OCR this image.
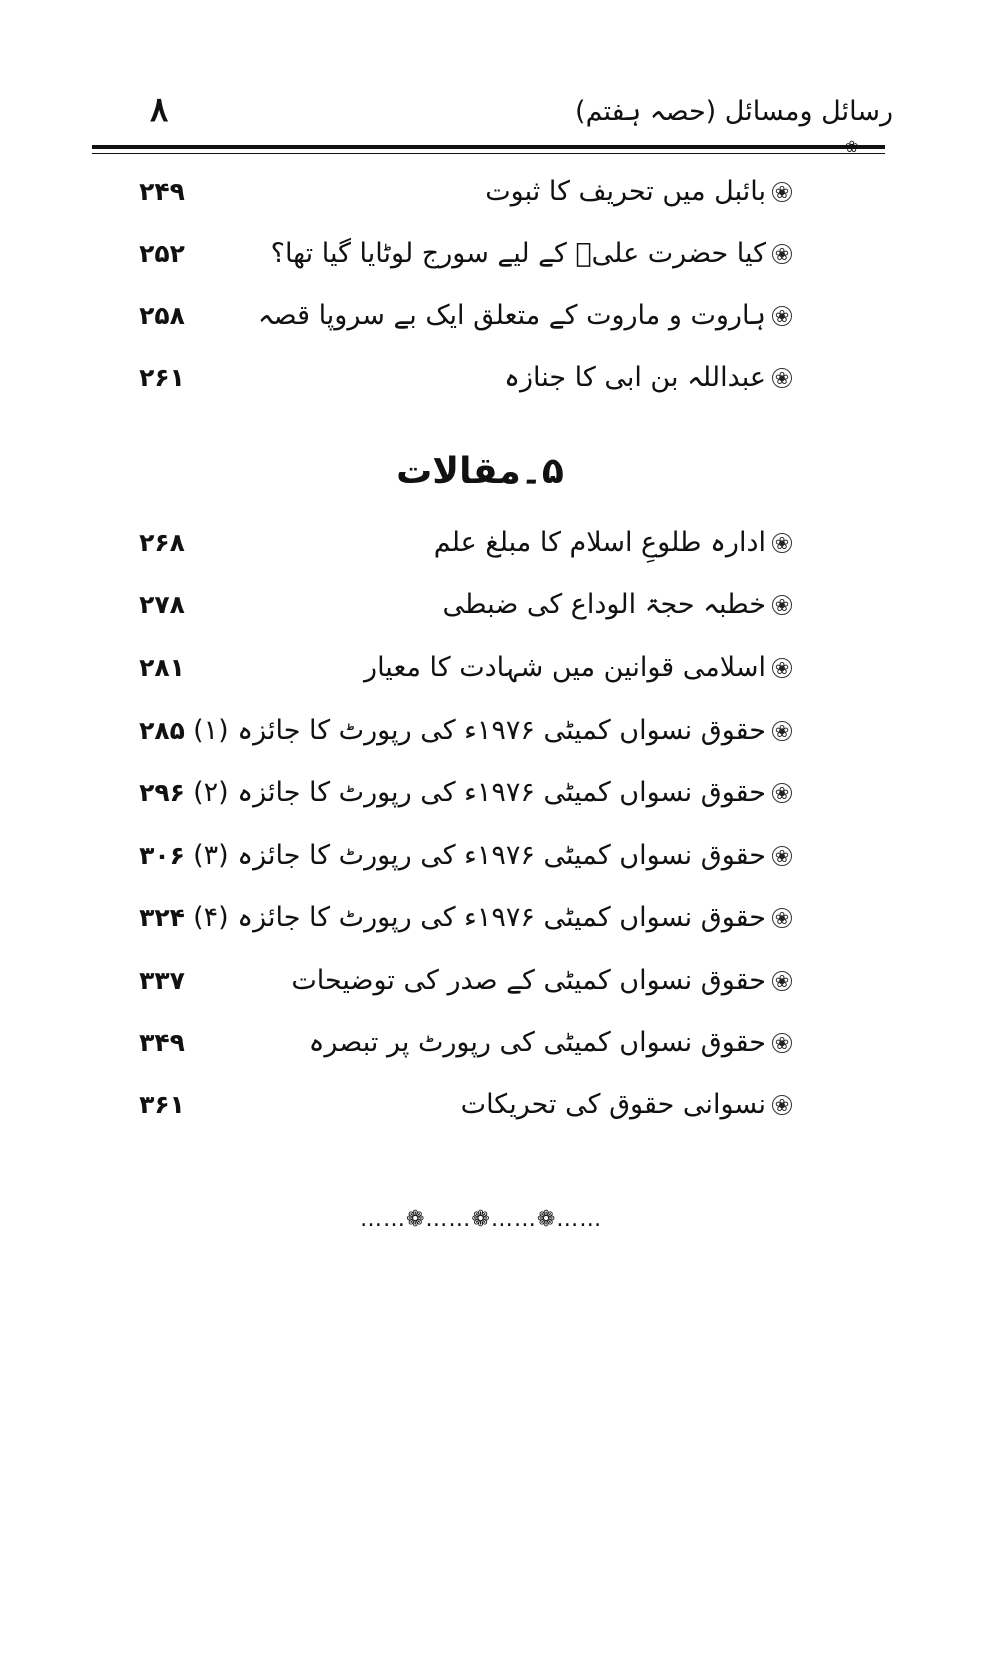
رسائل ومسائل (حصہ ہفتم)
۸
❀
❀
بائبل میں تحریف کا ثبوت
۲۴۹
❀
کیا حضرت علیؓ کے لیے سورج لوٹایا گیا تھا؟
۲۵۲
❀
ہاروت و ماروت کے متعلق ایک بے سروپا قصہ
۲۵۸
❀
عبداللہ بن ابی کا جنازہ
۲۶۱
۵۔مقالات
❀
ادارہ طلوعِ اسلام کا مبلغ علم
۲۶۸
❀
خطبہ حجۃ الوداع کی ضبطی
۲۷۸
❀
اسلامی قوانین میں شہادت کا معیار
۲۸۱
❀
حقوق نسواں کمیٹی ۱۹۷۶ء کی رپورٹ کا جائزہ (۱)
۲۸۵
❀
حقوق نسواں کمیٹی ۱۹۷۶ء کی رپورٹ کا جائزہ (۲)
۲۹۶
❀
حقوق نسواں کمیٹی ۱۹۷۶ء کی رپورٹ کا جائزہ (۳)
۳۰۶
❀
حقوق نسواں کمیٹی ۱۹۷۶ء کی رپورٹ کا جائزہ (۴)
۳۲۴
❀
حقوق نسواں کمیٹی کے صدر کی توضیحات
۳۳۷
❀
حقوق نسواں کمیٹی کی رپورٹ پر تبصرہ
۳۴۹
❀
نسوانی حقوق کی تحریکات
۳۶۱
……❁……❁……❁……
